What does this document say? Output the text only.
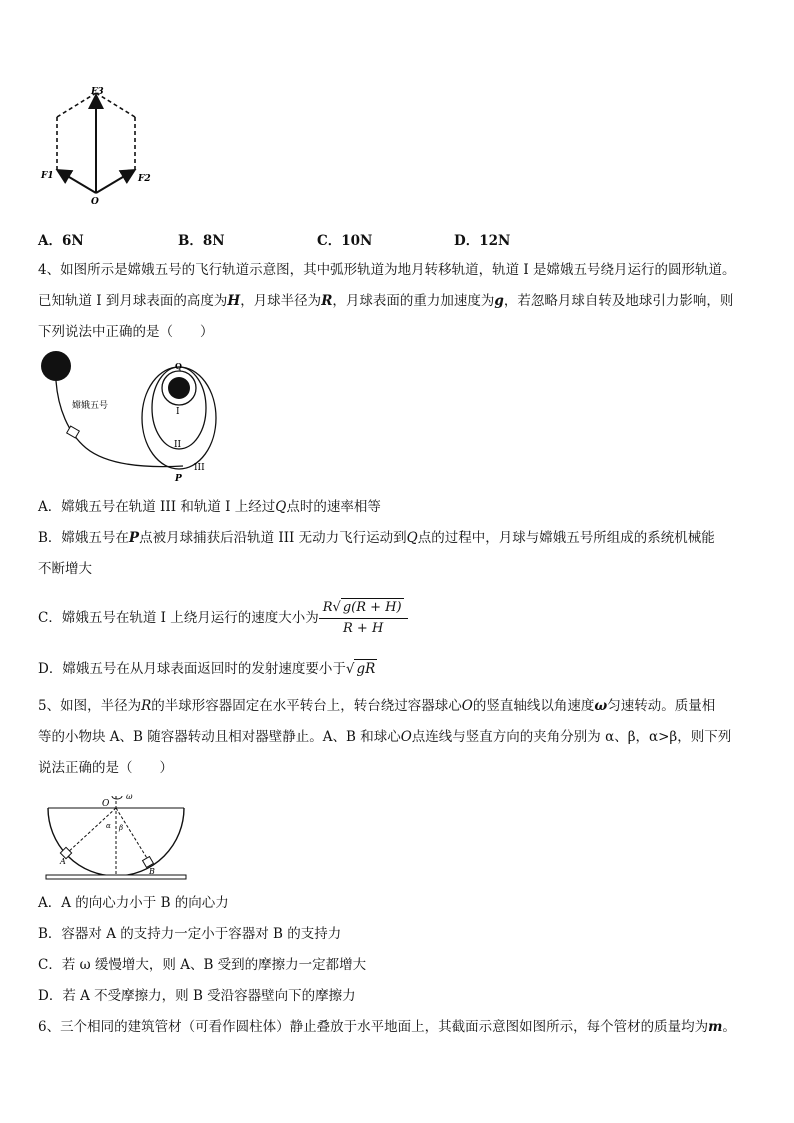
F3
F1	F2
O
A．6N	B．8N	C．10N	D．12N
4、如图所示是嫦娥五号的飞行轨道示意图，其中弧形轨道为地月转移轨道，轨道 I 是嫦娥五号绕月运行的圆形轨道。
已知轨道 I 到月球表面的高度为H，月球半径为R，月球表面的重力加速度为g，若忽略月球自转及地球引力影响，则
下列说法中正确的是（　　）
嫦娥五号
Q
I
II
III
P
A．嫦娥五号在轨道 III 和轨道 I 上经过Q点时的速率相等
B．嫦娥五号在P点被月球捕获后沿轨道 III 无动力飞行运动到Q点的过程中，月球与嫦娥五号所组成的系统机械能
不断增大
C．嫦娥五号在轨道 I 上绕月运行的速度大小为 $\frac{R√ g(R + H)}{R + H}$
D．嫦娥五号在从月球表面返回时的发射速度要小于√ gR
5、如图，半径为R的半球形容器固定在水平转台上，转台绕过容器球心O的竖直轴线以角速度ω匀速转动。质量相
等的小物块 A、B 随容器转动且相对器壁静止。A、B 和球心O点连线与竖直方向的夹角分别为 α、β，α>β，则下列
说法正确的是（　　）
O
ω
α β
A
B
A．A 的向心力小于 B 的向心力
B．容器对 A 的支持力一定小于容器对 B 的支持力
C．若 ω 缓慢增大，则 A、B 受到的摩擦力一定都增大
D．若 A 不受摩擦力，则 B 受沿容器壁向下的摩擦力
6、三个相同的建筑管材（可看作圆柱体）静止叠放于水平地面上，其截面示意图如图所示，每个管材的质量均为m。
